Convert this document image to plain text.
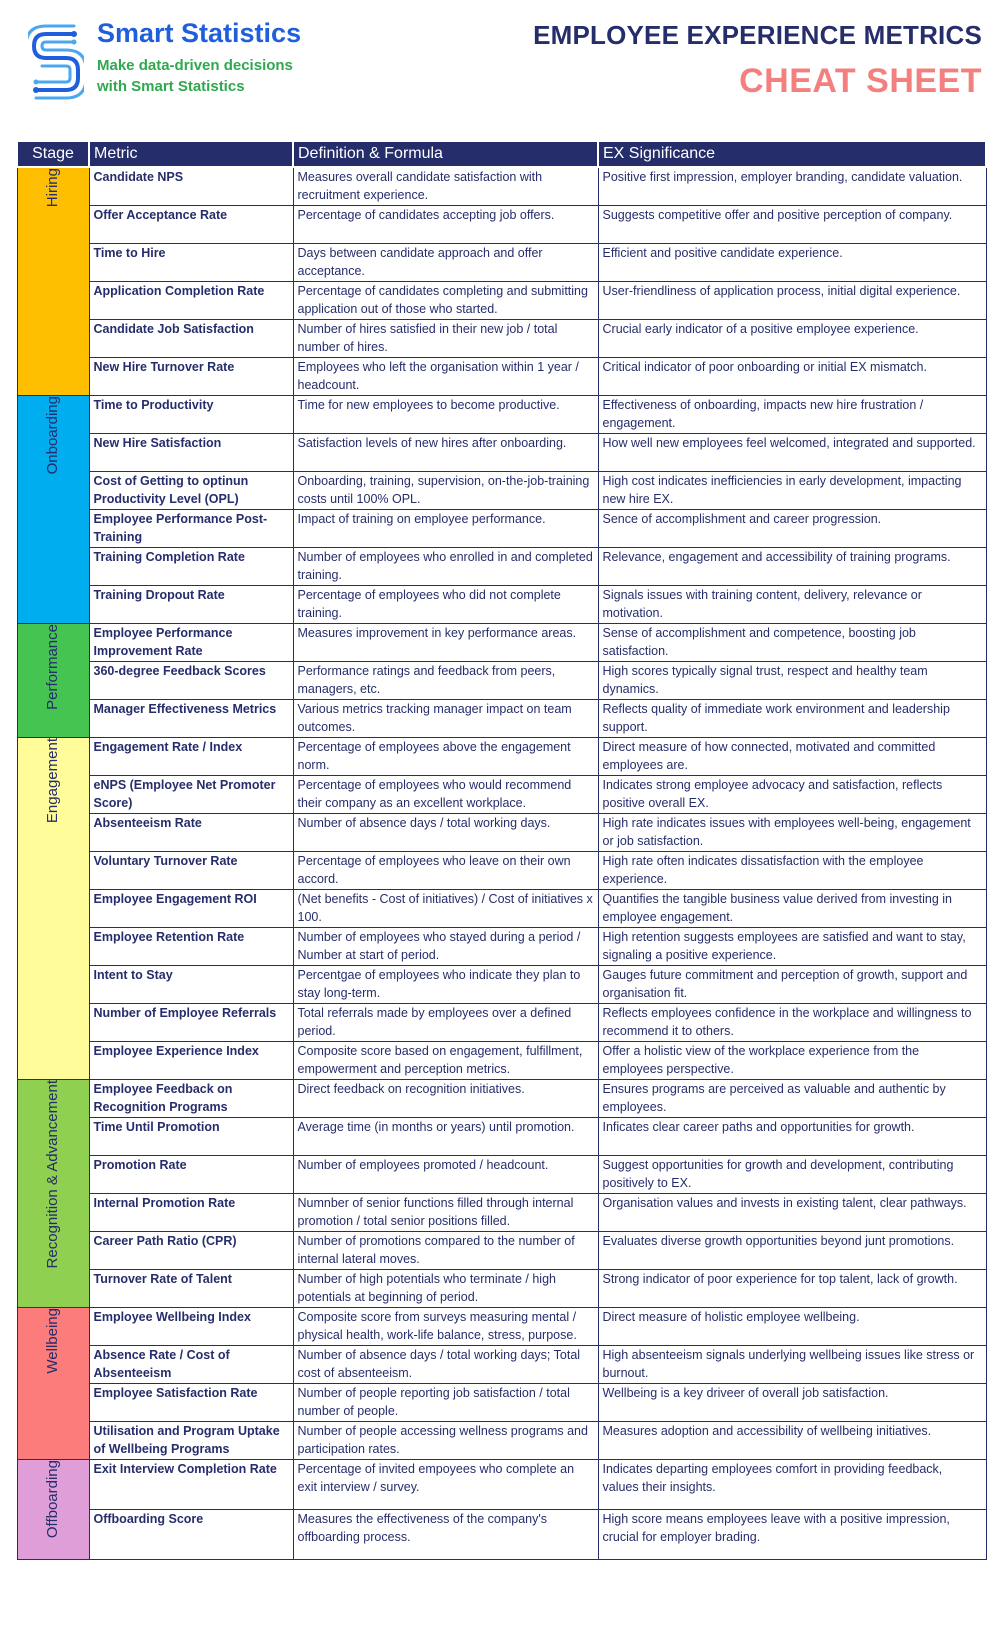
Smart Statistics
Make data-driven decisions with Smart Statistics
EMPLOYEE EXPERIENCE METRICS
CHEAT SHEET
Stage	Metric	Definition & Formula	EX Significance
Hiring	Candidate NPS	Measures overall candidate satisfaction with recruitment experience.	Positive first impression, employer branding, candidate valuation.
	Offer Acceptance Rate	Percentage of candidates accepting job offers.	Suggests competitive offer and positive perception of company.
	Time to Hire	Days between candidate approach and offer acceptance.	Efficient and positive candidate experience.
	Application Completion Rate	Percentage of candidates completing and submitting application out of those who started.	User-friendliness of application process, initial digital experience.
	Candidate Job Satisfaction	Number of hires satisfied in their new job / total number of hires.	Crucial early indicator of a positive employee experience.
	New Hire Turnover Rate	Employees who left the organisation within 1 year / headcount.	Critical indicator of poor onboarding or initial EX mismatch.
Onboarding	Time to Productivity	Time for new employees to become productive.	Effectiveness of onboarding, impacts new hire frustration / engagement.
	New Hire Satisfaction	Satisfaction levels of new hires after onboarding.	How well new employees feel welcomed, integrated and supported.
	Cost of Getting to optinun Productivity Level (OPL)	Onboarding, training, supervision, on-the-job-training costs until 100% OPL.	High cost indicates inefficiencies in early development, impacting new hire EX.
	Employee Performance Post-Training	Impact of training on employee performance.	Sence of accomplishment and career progression.
	Training Completion Rate	Number of employees who enrolled in and completed training.	Relevance, engagement and accessibility of training programs.
	Training Dropout Rate	Percentage of employees who did not complete training.	Signals issues with training content, delivery, relevance or motivation.
Performance	Employee Performance Improvement Rate	Measures improvement in key performance areas.	Sense of accomplishment and competence, boosting job satisfaction.
	360-degree Feedback Scores	Performance ratings and feedback from peers, managers, etc.	High scores typically signal trust, respect and healthy team dynamics.
	Manager Effectiveness Metrics	Various metrics tracking manager impact on team outcomes.	Reflects quality of immediate work environment and leadership support.
Engagement	Engagement Rate / Index	Percentage of employees above the engagement norm.	Direct measure of how connected, motivated and committed employees are.
	eNPS (Employee Net Promoter Score)	Percentage of employees who would recommend their company as an excellent workplace.	Indicates strong employee advocacy and satisfaction, reflects positive overall EX.
	Absenteeism Rate	Number of absence days / total working days.	High rate indicates issues with employees well-being, engagement or job satisfaction.
	Voluntary Turnover Rate	Percentage of employees who leave on their own accord.	High rate often indicates dissatisfaction with the employee experience.
	Employee Engagement ROI	(Net benefits - Cost of initiatives) / Cost of initiatives x 100.	Quantifies the tangible business value derived from investing in employee engagement.
	Employee Retention Rate	Number of employees who stayed during a period / Number at start of period.	High retention suggests employees are satisfied and want to stay, signaling a positive experience.
	Intent to Stay	Percentgae of employees who indicate they plan to stay long-term.	Gauges future commitment and perception of growth, support and organisation fit.
	Number of Employee Referrals	Total referrals made by employees over a defined period.	Reflects employees confidence in the workplace and willingness to recommend it to others.
	Employee Experience Index	Composite score based on engagement, fulfillment, empowerment and perception metrics.	Offer a holistic view of the workplace experience from the employees perspective.
Recognition & Advancement	Employee Feedback on Recognition Programs	Direct feedback on recognition initiatives.	Ensures programs are perceived as valuable and authentic by employees.
	Time Until Promotion	Average time (in months or years) until promotion.	Inficates clear career paths and opportunities for growth.
	Promotion Rate	Number of employees promoted / headcount.	Suggest opportunities for growth and development, contributing positively to EX.
	Internal Promotion Rate	Numnber of senior functions filled through internal promotion / total senior positions filled.	Organisation values and invests in existing talent, clear pathways.
	Career Path Ratio (CPR)	Number of promotions compared to the number of internal lateral moves.	Evaluates diverse growth opportunities beyond junt promotions.
	Turnover Rate of Talent	Number of high potentials who terminate / high potentials at beginning of period.	Strong indicator of poor experience for top talent, lack of growth.
Wellbeing	Employee Wellbeing Index	Composite score from surveys measuring mental / physical health, work-life balance, stress, purpose.	Direct measure of holistic employee wellbeing.
	Absence Rate / Cost of Absenteeism	Number of absence days / total working days; Total cost of absenteeism.	High absenteeism signals underlying wellbeing issues like stress or burnout.
	Employee Satisfaction Rate	Number of people reporting job satisfaction / total number of people.	Wellbeing is a key driveer of overall job satisfaction.
	Utilisation and Program Uptake of Wellbeing Programs	Number of people accessing wellness programs and participation rates.	Measures adoption and accessibility of wellbeing initiatives.
Offboarding	Exit Interview Completion Rate	Percentage of invited empoyees who complete an exit interview / survey.	Indicates departing employees comfort in providing feedback, values their insights.
	Offboarding Score	Measures the effectiveness of the company's offboarding process.	High score means employees leave with a positive impression, crucial for employer brading.
